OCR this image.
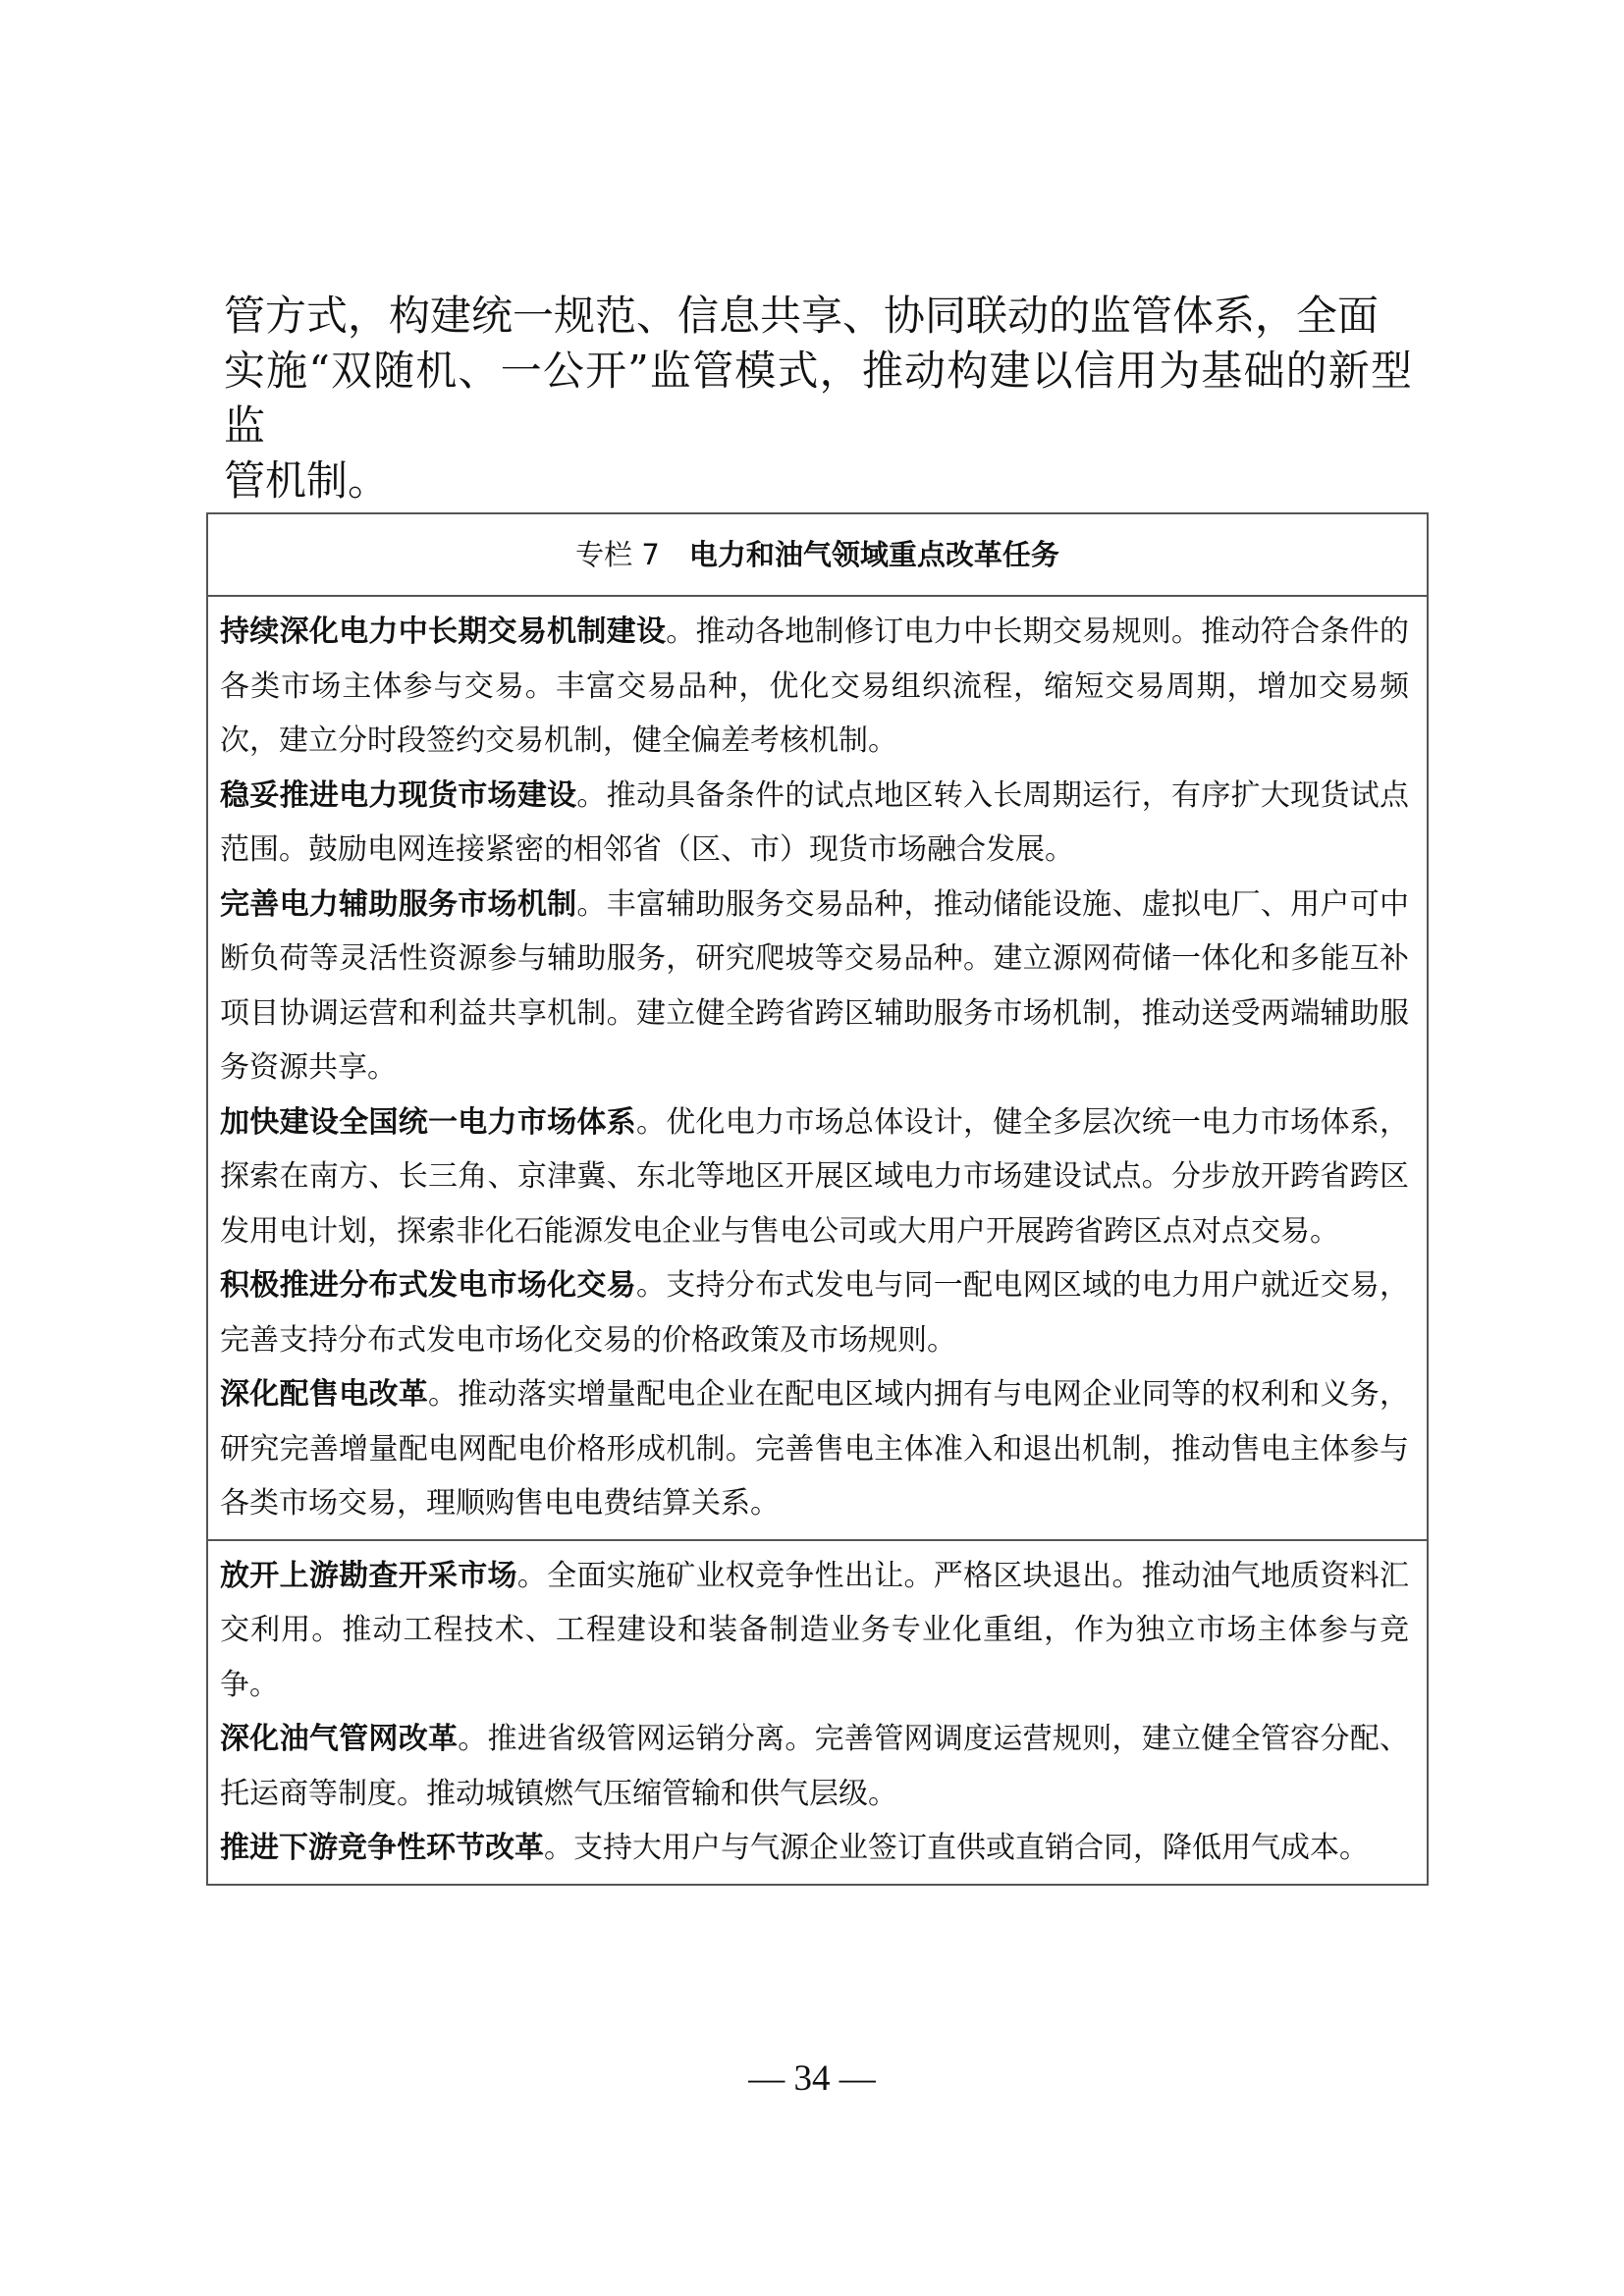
管方式，构建统一规范、信息共享、协同联动的监管体系，全面

实施“双随机、一公开”监管模式，推动构建以信用为基础的新型监

管机制。

专栏 7 电力和油气领域重点改革任务

持续深化电力中长期交易机制建设。推动各地制修订电力中长期交易规则。推动符合条件的各类市场主体参与交易。丰富交易品种，优化交易组织流程，缩短交易周期，增加交易频次，建立分时段签约交易机制，健全偏差考核机制。

稳妥推进电力现货市场建设。推动具备条件的试点地区转入长周期运行，有序扩大现货试点范围。鼓励电网连接紧密的相邻省（区、市）现货市场融合发展。

完善电力辅助服务市场机制。丰富辅助服务交易品种，推动储能设施、虚拟电厂、用户可中断负荷等灵活性资源参与辅助服务，研究爬坡等交易品种。建立源网荷储一体化和多能互补项目协调运营和利益共享机制。建立健全跨省跨区辅助服务市场机制，推动送受两端辅助服务资源共享。

加快建设全国统一电力市场体系。优化电力市场总体设计，健全多层次统一电力市场体系，探索在南方、长三角、京津冀、东北等地区开展区域电力市场建设试点。分步放开跨省跨区发用电计划，探索非化石能源发电企业与售电公司或大用户开展跨省跨区点对点交易。

积极推进分布式发电市场化交易。支持分布式发电与同一配电网区域的电力用户就近交易，完善支持分布式发电市场化交易的价格政策及市场规则。

深化配售电改革。推动落实增量配电企业在配电区域内拥有与电网企业同等的权利和义务，研究完善增量配电网配电价格形成机制。完善售电主体准入和退出机制，推动售电主体参与各类市场交易，理顺购售电电费结算关系。

放开上游勘查开采市场。全面实施矿业权竞争性出让。严格区块退出。推动油气地质资料汇交利用。推动工程技术、工程建设和装备制造业务专业化重组，作为独立市场主体参与竞争。

深化油气管网改革。推进省级管网运销分离。完善管网调度运营规则，建立健全管容分配、托运商等制度。推动城镇燃气压缩管输和供气层级。

推进下游竞争性环节改革。支持大用户与气源企业签订直供或直销合同，降低用气成本。

— 34 —
